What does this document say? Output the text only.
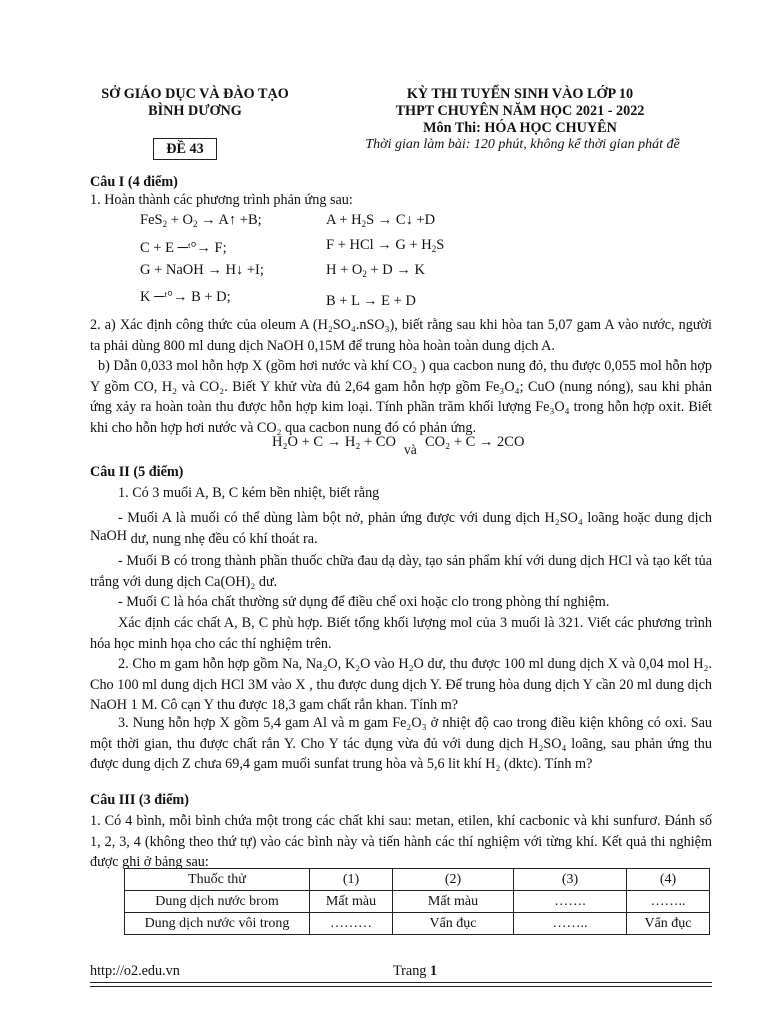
SỞ GIÁO DỤC VÀ ĐÀO TẠO
BÌNH DƯƠNG
ĐỀ 43
KỲ THI TUYỂN SINH VÀO LỚP 10
THPT CHUYÊN NĂM HỌC 2021 - 2022
Môn Thi: HÓA HỌC CHUYÊN
Thời gian làm bài: 120 phút, không kể thời gian phát đề
Câu I (4 điểm)
1. Hoàn thành các phương trình phản ứng sau:
$FeS_2 + O_2$ → A↑ +B;	$A + H_2S$ → C↓ +D
C + E ─ᵗ°→ F;	F + HCl → $G + H_2S$
G + NaOH → H↓ +I;	$H + O_2 + D \to K$
K ─ᵗ°→ B + D;	B + L → E + D
2. a) Xác định công thức của oleum A (H₂SO₄.nSO₃), biết rằng sau khi hòa tan 5,07 gam A vào nước, người ta phải dùng 800 ml dung dịch NaOH 0,15M để trung hòa hoàn toàn dung dịch A.
b) Dẫn 0,033 mol hỗn hợp X (gồm hơi nước và khí CO₂ ) qua cacbon nung đỏ, thu được 0,055 mol hỗn hợp Y gồm CO, H₂ và CO₂. Biết Y khử vừa đủ 2,64 gam hỗn hợp gồm Fe₃O₄; CuO (nung nóng), sau khi phản ứng xảy ra hoàn toàn thu được hỗn hợp kim loại. Tính phần trăm khối lượng Fe₃O₄ trong hỗn hợp oxit. Biết khi cho hỗn hợp hơi nước và CO₂ qua cacbon nung đó có phản ứng.
H₂O + C → H₂ + CO và CO₂ + C → 2CO
Câu II (5 điểm)
1. Có 3 muối A, B, C kém bền nhiệt, biết rằng
- Muối A là muối có thể dùng làm bột nở, phản ứng được với dung dịch H₂SO₄ loãng hoặc dung dịch NaOH dư, nung nhẹ đều có khí thoát ra.
- Muối B có trong thành phần thuốc chữa đau dạ dày, tạo sản phẩm khí với dung dịch HCl và tạo kết tủa trắng với dung dịch Ca(OH)₂ dư.
- Muối C là hóa chất thường sử dụng để điều chế oxi hoặc clo trong phòng thí nghiệm.
Xác định các chất A, B, C phù hợp. Biết tổng khối lượng mol của 3 muối là 321. Viết các phương trình hóa học minh họa cho các thí nghiệm trên.
2. Cho m gam hỗn hợp gồm Na, Na₂O, K₂O vào H₂O dư, thu được 100 ml dung dịch X và 0,04 mol H₂. Cho 100 ml dung dịch HCl 3M vào X , thu được dung dịch Y. Để trung hòa dung dịch Y cần 20 ml dung dịch NaOH 1 M. Cô cạn Y thu được 18,3 gam chất rắn khan. Tính m?
3. Nung hỗn hợp X gồm 5,4 gam Al và m gam Fe₂O₃ ở nhiệt độ cao trong điều kiện không có oxi. Sau một thời gian, thu được chất rắn Y. Cho Y tác dụng vừa đủ với dung dịch H₂SO₄ loãng, sau phản ứng thu được dung dịch Z chưa 69,4 gam muối sunfat trung hòa và 5,6 lit khí H₂ (dktc). Tính m?
Câu III (3 điểm)
1. Có 4 bình, mỗi bình chứa một trong các chất khi sau: metan, etilen, khí cacbonic và khi sunfurơ. Đánh số 1, 2, 3, 4 (không theo thứ tự) vào các bình này và tiến hành các thí nghiệm với từng khí. Kết quả thi nghiệm được ghi ở bảng sau:
Thuốc thử	(1)	(2)	(3)	(4)
Dung dịch nước brom	Mất màu	Mất màu	…….	……..
Dung dịch nước vôi trong	………	Vẩn đục	……..	Vẩn đục
http://o2.edu.vn	Trang 1
